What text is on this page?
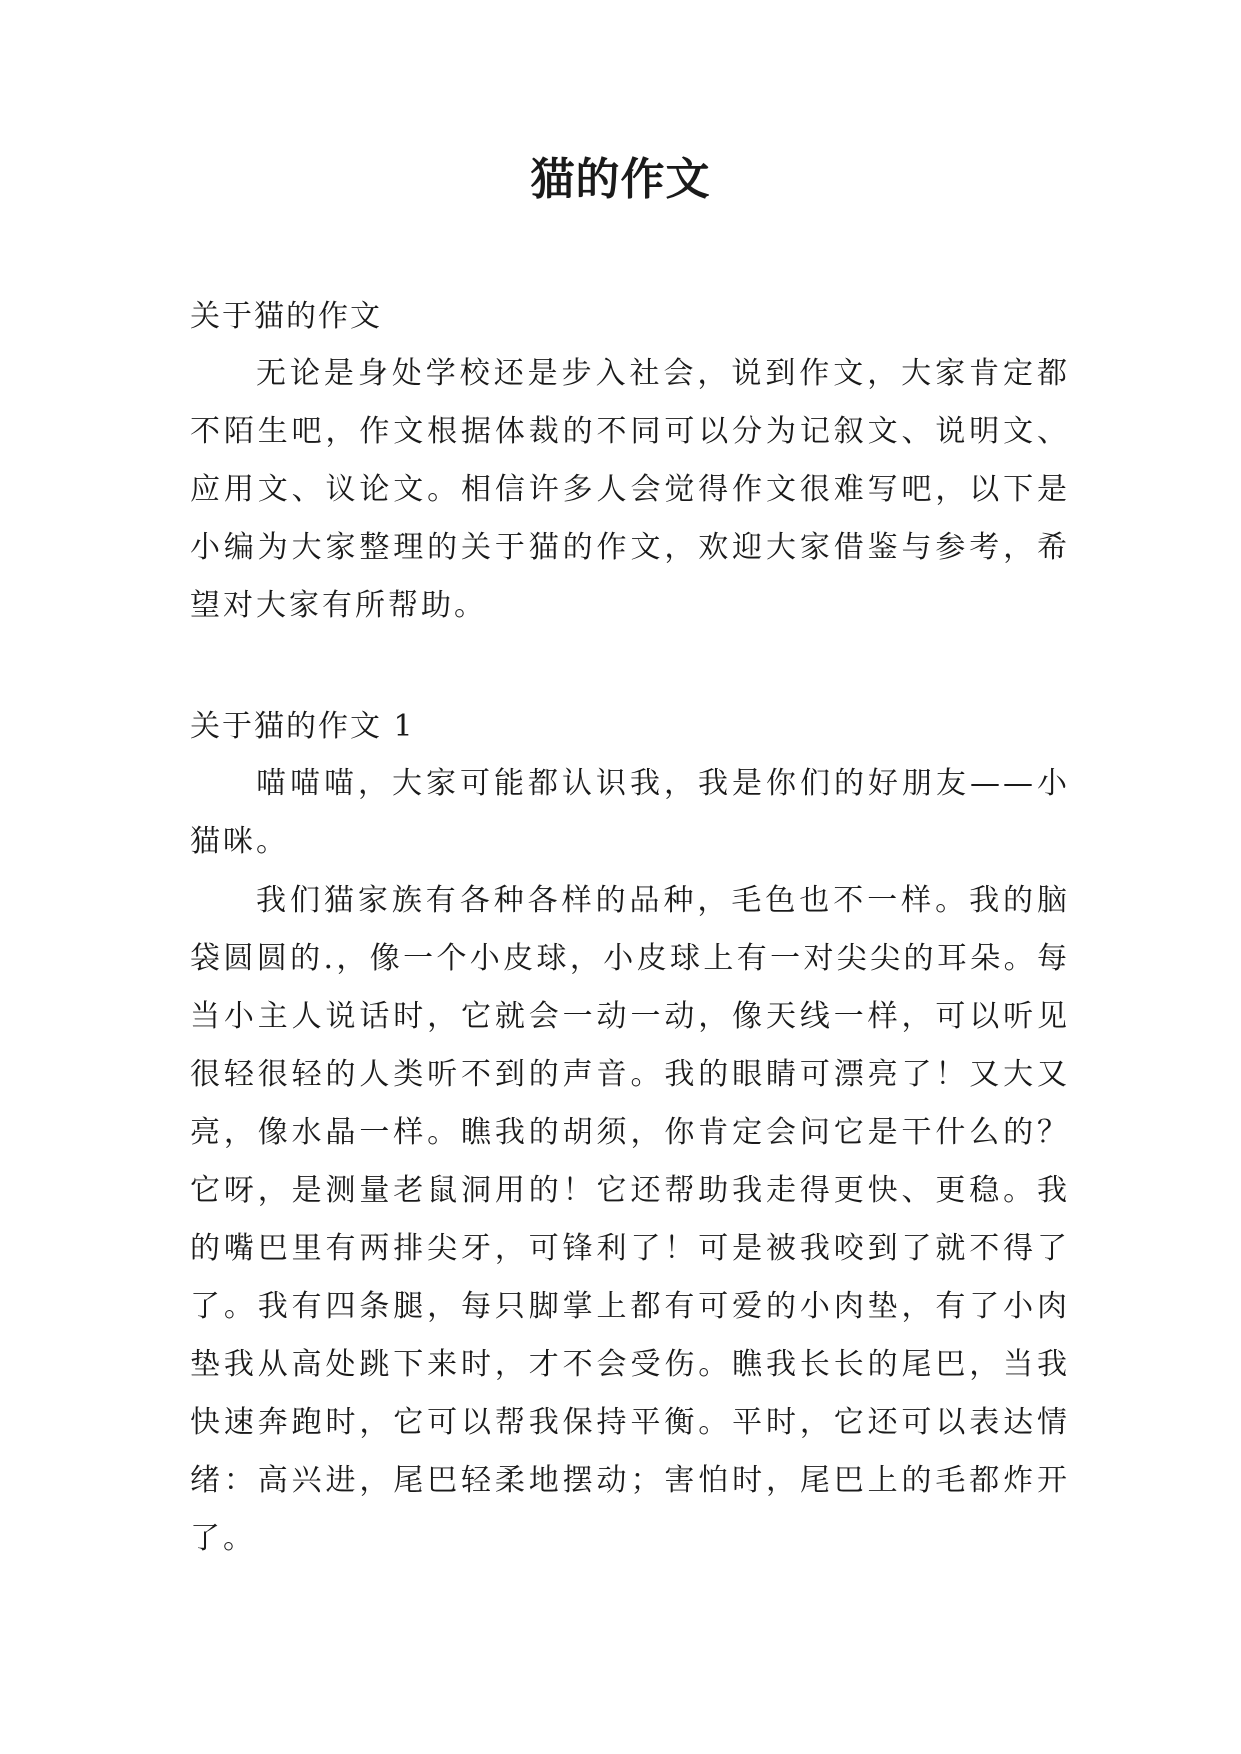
猫的作文

关于猫的作文

无论是身处学校还是步入社会，说到作文，大家肯定都不陌生吧，作文根据体裁的不同可以分为记叙文、说明文、应用文、议论文。相信许多人会觉得作文很难写吧，以下是小编为大家整理的关于猫的作文，欢迎大家借鉴与参考，希望对大家有所帮助。

关于猫的作文 1

喵喵喵，大家可能都认识我，我是你们的好朋友——小猫咪。

我们猫家族有各种各样的品种，毛色也不一样。我的脑袋圆圆的.，像一个小皮球，小皮球上有一对尖尖的耳朵。每当小主人说话时，它就会一动一动，像天线一样，可以听见很轻很轻的人类听不到的声音。我的眼睛可漂亮了！又大又亮，像水晶一样。瞧我的胡须，你肯定会问它是干什么的？它呀，是测量老鼠洞用的！它还帮助我走得更快、更稳。我的嘴巴里有两排尖牙，可锋利了！可是被我咬到了就不得了了。我有四条腿，每只脚掌上都有可爱的小肉垫，有了小肉垫我从高处跳下来时，才不会受伤。瞧我长长的尾巴，当我快速奔跑时，它可以帮我保持平衡。平时，它还可以表达情绪：高兴进，尾巴轻柔地摆动；害怕时，尾巴上的毛都炸开了。
